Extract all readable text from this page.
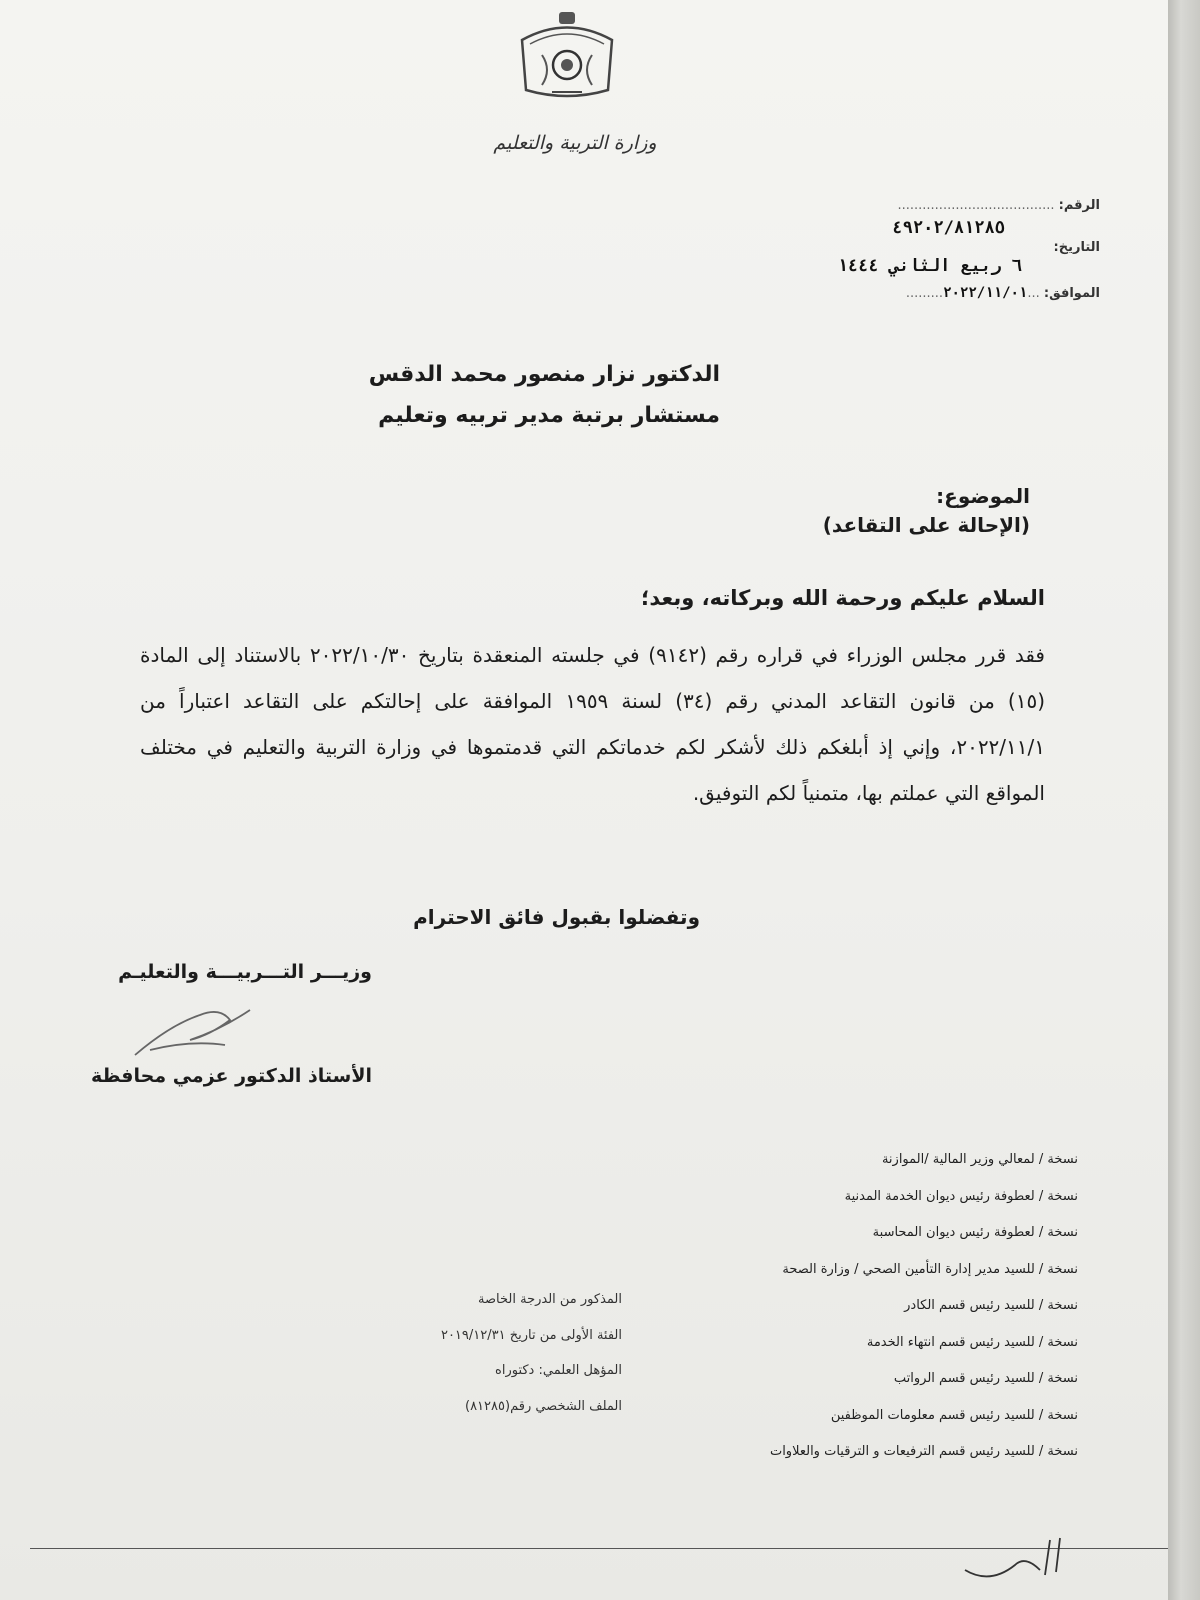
وزارة التربية والتعليم
الرقم: ......................................
٤٩٢٠٢/٨١٢٨٥
التاريخ:
٦ ربيع الثاني ١٤٤٤
الموافق: ...٢٠٢٢/١١/٠١.........
الدكتور نزار منصور محمد الدقس
مستشار برتبة مدير تربيه وتعليم
الموضوع:
(الإحالة على التقاعد)
السلام عليكم ورحمة الله وبركاته، وبعد؛
فقد قرر مجلس الوزراء في قراره رقم (٩١٤٢) في جلسته المنعقدة بتاريخ ٢٠٢٢/١٠/٣٠ بالاستناد إلى المادة (١٥) من قانون التقاعد المدني رقم (٣٤) لسنة ١٩٥٩ الموافقة على إحالتكم على التقاعد اعتباراً من ٢٠٢٢/١١/١، وإني إذ أبلغكم ذلك لأشكر لكم خدماتكم التي قدمتموها في وزارة التربية والتعليم في مختلف المواقع التي عملتم بها، متمنياً لكم التوفيق.
وتفضلوا بقبول فائق الاحترام
وزيـــر التـــربيـــة والتعليـم
الأستاذ الدكتور عزمي محافظة
نسخة / لمعالي وزير المالية /الموازنة
نسخة / لعطوفة رئيس ديوان الخدمة المدنية
نسخة / لعطوفة رئيس ديوان المحاسبة
نسخة / للسيد مدير إدارة التأمين الصحي / وزارة الصحة
نسخة / للسيد رئيس قسم الكادر
نسخة / للسيد رئيس قسم انتهاء الخدمة
نسخة / للسيد رئيس قسم الرواتب
نسخة / للسيد رئيس قسم معلومات الموظفين
نسخة / للسيد رئيس قسم الترفيعات و الترقيات والعلاوات
المذكور من الدرجة الخاصة
الفئة الأولى من تاريخ ٢٠١٩/١٢/٣١
المؤهل العلمي: دكتوراه
الملف الشخصي رقم(٨١٢٨٥)
